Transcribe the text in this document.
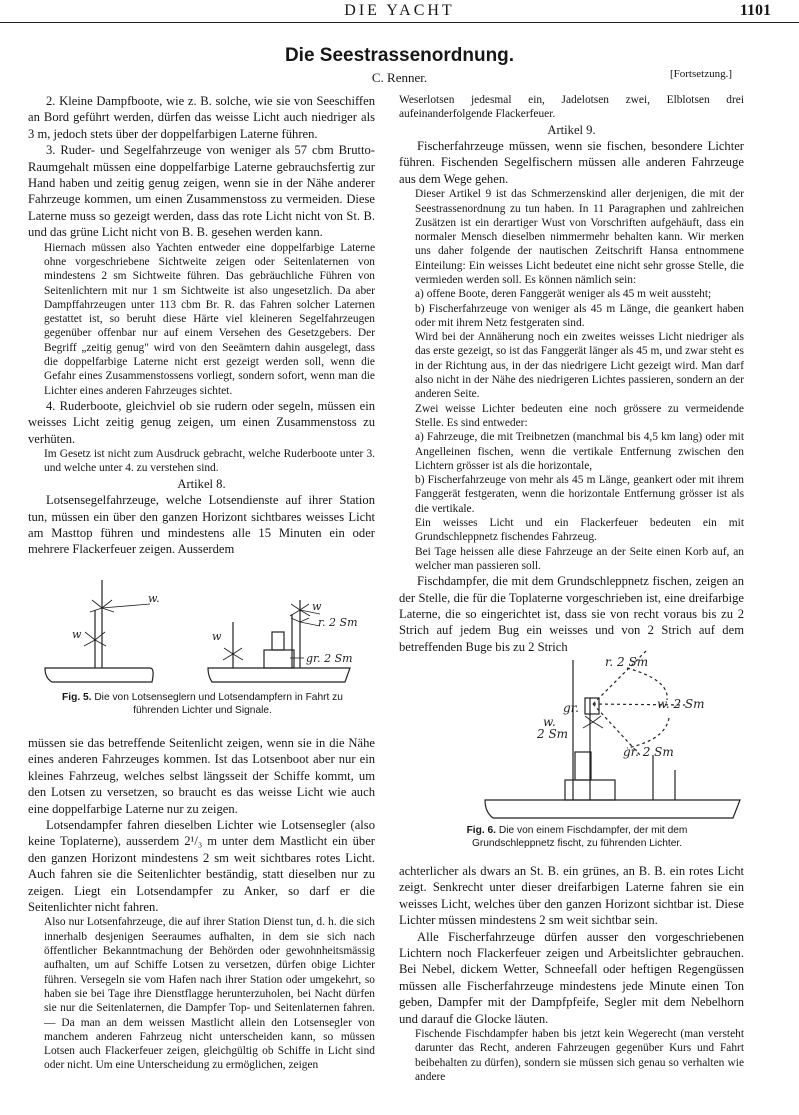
DIE YACHT	1101
Die Seestrassenordnung.
C. Renner.	[Fortsetzung.]

2. Kleine Dampfboote, wie z. B. solche, wie sie von Seeschiffen an Bord geführt werden, dürfen das weisse Licht auch niedriger als 3 m, jedoch stets über der doppelfarbigen Laterne führen.

3. Ruder- und Segelfahrzeuge von weniger als 57 cbm Brutto-Raumgehalt müssen eine doppelfarbige Laterne gebrauchsfertig zur Hand haben und zeitig genug zeigen, wenn sie in der Nähe anderer Fahrzeuge kommen, um einen Zusammenstoss zu vermeiden. Diese Laterne muss so gezeigt werden, dass das rote Licht nicht von St. B. und das grüne Licht nicht von B. B. gesehen werden kann.

Hiernach müssen also Yachten entweder eine doppelfarbige Laterne ohne vorgeschriebene Sichtweite zeigen oder Seitenlaternen von mindestens 2 sm Sichtweite führen. Das gebräuchliche Führen von Seitenlichtern mit nur 1 sm Sichtweite ist also ungesetzlich. Da aber Dampffahrzeugen unter 113 cbm Br. R. das Fahren solcher Laternen gestattet ist, so beruht diese Härte viel kleineren Segelfahrzeugen gegenüber offenbar nur auf einem Versehen des Gesetzgebers. Der Begriff „zeitig genug" wird von den Seeämtern dahin ausgelegt, dass die doppelfarbige Laterne nicht erst gezeigt werden soll, wenn die Gefahr eines Zusammenstossens vorliegt, sondern sofort, wenn man die Lichter eines anderen Fahrzeuges sichtet.

4. Ruderboote, gleichviel ob sie rudern oder segeln, müssen ein weisses Licht zeitig genug zeigen, um einen Zusammenstoss zu verhüten.

Im Gesetz ist nicht zum Ausdruck gebracht, welche Ruderboote unter 3. und welche unter 4. zu verstehen sind.

Artikel 8.

Lotsensegelfahrzeuge, welche Lotsendienste auf ihrer Station tun, müssen ein über den ganzen Horizont sichtbares weisses Licht am Masttop führen und mindestens alle 15 Minuten ein oder mehrere Flackerfeuer zeigen. Ausserdem

w.
w	w
w
r. 2 Sm
gr. 2 Sm
Fig. 5. Die von Lotsenseglern und Lotsendampfern in Fahrt zu führenden Lichter und Signale.

müssen sie das betreffende Seitenlicht zeigen, wenn sie in die Nähe eines anderen Fahrzeuges kommen. Ist das Lotsenboot aber nur ein kleines Fahrzeug, welches selbst längsseit der Schiffe kommt, um den Lotsen zu versetzen, so braucht es das weisse Licht wie auch eine doppelfarbige Laterne nur zu zeigen.

Lotsendampfer fahren dieselben Lichter wie Lotsensegler (also keine Toplaterne), ausserdem 2¹/₃ m unter dem Mastlicht ein über den ganzen Horizont mindestens 2 sm weit sichtbares rotes Licht. Auch fahren sie die Seitenlichter beständig, statt dieselben nur zu zeigen. Liegt ein Lotsendampfer zu Anker, so darf er die Seitenlichter nicht fahren.

Also nur Lotsenfahrzeuge, die auf ihrer Station Dienst tun, d. h. die sich innerhalb desjenigen Seeraumes aufhalten, in dem sie sich nach öffentlicher Bekanntmachung der Behörden oder gewohnheitsmässig aufhalten, um auf Schiffe Lotsen zu versetzen, dürfen obige Lichter führen. Versegeln sie vom Hafen nach ihrer Station oder umgekehrt, so haben sie bei Tage ihre Dienstflagge herunterzuholen, bei Nacht dürfen sie nur die Seitenlaternen, die Dampfer Top- und Seitenlaternen fahren. — Da man an dem weissen Mastlicht allein den Lotsensegler von manchem anderen Fahrzeug nicht unterscheiden kann, so müssen Lotsen auch Flackerfeuer zeigen, gleichgültig ob Schiffe in Licht sind oder nicht. Um eine Unterscheidung zu ermöglichen, zeigen

Weserlotsen jedesmal ein, Jadelotsen zwei, Elblotsen drei aufeinanderfolgende Flackerfeuer.

Artikel 9.

Fischerfahrzeuge müssen, wenn sie fischen, besondere Lichter führen. Fischenden Segelfischern müssen alle anderen Fahrzeuge aus dem Wege gehen.

Dieser Artikel 9 ist das Schmerzenskind aller derjenigen, die mit der Seestrassenordnung zu tun haben. In 11 Paragraphen und zahlreichen Zusätzen ist ein derartiger Wust von Vorschriften aufgehäuft, dass ein normaler Mensch dieselben nimmermehr behalten kann. Wir merken uns daher folgende der nautischen Zeitschrift Hansa entnommene Einteilung: Ein weisses Licht bedeutet eine nicht sehr grosse Stelle, die vermieden werden soll. Es können nämlich sein:

a) offene Boote, deren Fanggerät weniger als 45 m weit aussteht;

b) Fischerfahrzeuge von weniger als 45 m Länge, die geankert haben oder mit ihrem Netz festgeraten sind.

Wird bei der Annäherung noch ein zweites weisses Licht niedriger als das erste gezeigt, so ist das Fanggerät länger als 45 m, und zwar steht es in der Richtung aus, in der das niedrigere Licht gezeigt wird. Man darf also nicht in der Nähe des niedrigeren Lichtes passieren, sondern an der anderen Seite.

Zwei weisse Lichter bedeuten eine noch grössere zu vermeidende Stelle. Es sind entweder:

a) Fahrzeuge, die mit Treibnetzen (manchmal bis 4,5 km lang) oder mit Angelleinen fischen, wenn die vertikale Entfernung zwischen den Lichtern grösser ist als die horizontale,

b) Fischerfahrzeuge von mehr als 45 m Länge, geankert oder mit ihrem Fanggerät festgeraten, wenn die horizontale Entfernung grösser ist als die vertikale.

Ein weisses Licht und ein Flackerfeuer bedeuten ein mit Grundschleppnetz fischendes Fahrzeug.

Bei Tage heissen alle diese Fahrzeuge an der Seite einen Korb auf, an welcher man passieren soll.

Fischdampfer, die mit dem Grundschleppnetz fischen, zeigen an der Stelle, die für die Toplaterne vorgeschrieben ist, eine dreifarbige Laterne, die so eingerichtet ist, dass sie von recht voraus bis zu 2 Strich auf jedem Bug ein weisses und von 2 Strich auf dem betreffenden Buge bis zu 2 Strich

r. 2 Sm
w. 2 Sm
gr. 2 Sm
gr.
w.
2 Sm
Fig. 6. Die von einem Fischdampfer, der mit dem Grundschleppnetz fischt, zu führenden Lichter.

achterlicher als dwars an St. B. ein grünes, an B. B. ein rotes Licht zeigt. Senkrecht unter dieser dreifarbigen Laterne fahren sie ein weisses Licht, welches über den ganzen Horizont sichtbar ist. Diese Lichter müssen mindestens 2 sm weit sichtbar sein.

Alle Fischerfahrzeuge dürfen ausser den vorgeschriebenen Lichtern noch Flackerfeuer zeigen und Arbeitslichter gebrauchen. Bei Nebel, dickem Wetter, Schneefall oder heftigen Regengüssen müssen alle Fischerfahrzeuge mindestens jede Minute einen Ton geben, Dampfer mit der Dampfpfeife, Segler mit dem Nebelhorn und darauf die Glocke läuten.

Fischende Fischdampfer haben bis jetzt kein Wegerecht (man versteht darunter das Recht, anderen Fahrzeugen gegenüber Kurs und Fahrt beibehalten zu dürfen), sondern sie müssen sich genau so verhalten wie andere
